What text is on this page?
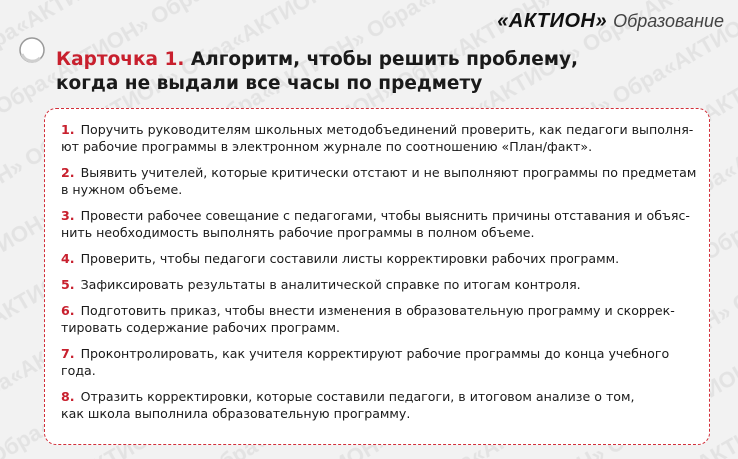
«АКТИОН» Образование
Карточка 1. Алгоритм, чтобы решить проблему,
когда не выдали все часы по предмету
1. Поручить руководителям школьных методобъединений проверить, как педагоги выполня-
ют рабочие программы в электронном журнале по соотношению «План/факт».
2. Выявить учителей, которые критически отстают и не выполняют программы по предметам
в нужном объеме.
3. Провести рабочее совещание с педагогами, чтобы выяснить причины отставания и объяс-
нить необходимость выполнять рабочие программы в полном объеме.
4. Проверить, чтобы педагоги составили листы корректировки рабочих программ.
5. Зафиксировать результаты в аналитической справке по итогам контроля.
6. Подготовить приказ, чтобы внести изменения в образовательную программу и скоррек-
тировать содержание рабочих программ.
7. Проконтролировать, как учителя корректируют рабочие программы до конца учебного года.
8. Отразить корректировки, которые составили педагоги, в итоговом анализе о том,
как школа выполнила образовательную программу.
